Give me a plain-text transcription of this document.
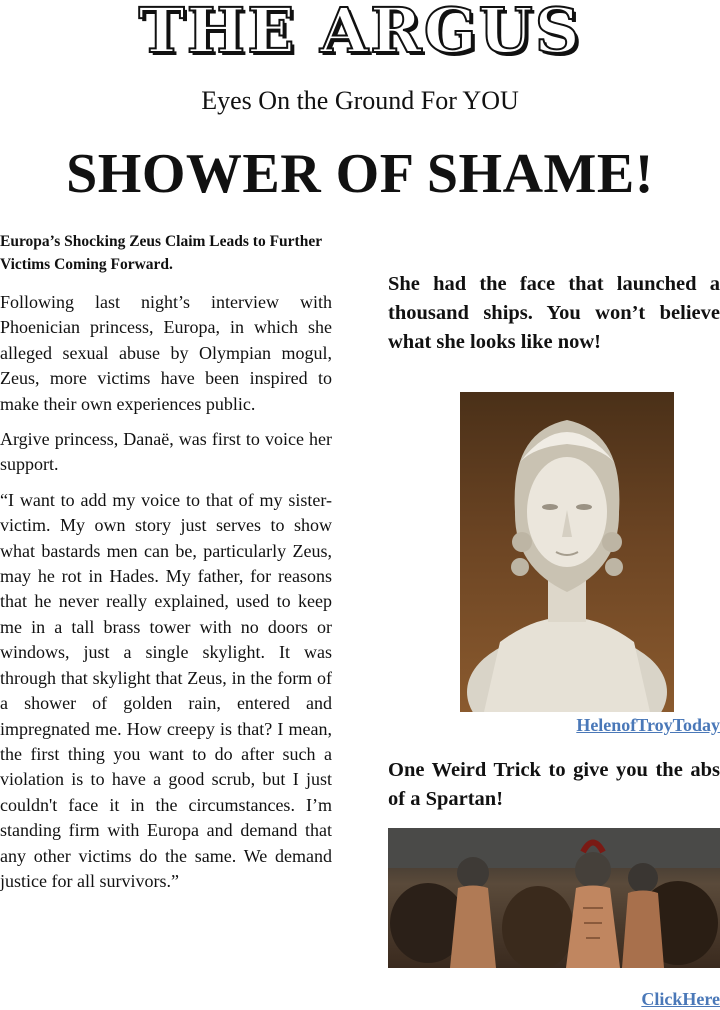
THE ARGUS
Eyes On the Ground For YOU
SHOWER OF SHAME!
Europa’s Shocking Zeus Claim Leads to Further Victims Coming Forward.

Following last night’s interview with Phoenician princess, Europa, in which she alleged sexual abuse by Olympian mogul, Zeus, more victims have been inspired to make their own experiences public.

Argive princess, Danaë, was first to voice her support.

“I want to add my voice to that of my sister-victim. My own story just serves to show what bastards men can be, particularly Zeus, may he rot in Hades. My father, for reasons that he never really explained, used to keep me in a tall brass tower with no doors or windows, just a single skylight. It was through that skylight that Zeus, in the form of a shower of golden rain, entered and impregnated me. How creepy is that? I mean, the first thing you want to do after such a violation is to have a good scrub, but I just couldn't face it in the circumstances. I’m standing firm with Europa and demand that any other victims do the same. We demand justice for all survivors.”

She had the face that launched a thousand ships. You won’t believe what she looks like now!

HelenofTroyToday

One Weird Trick to give you the abs of a Spartan!

ClickHere
